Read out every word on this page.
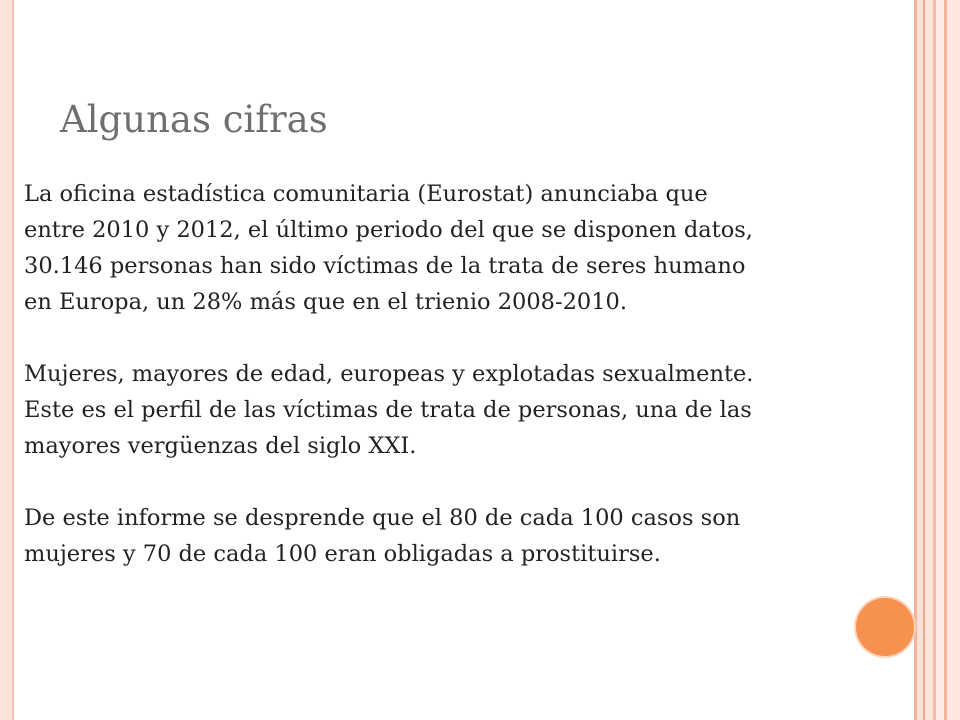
Algunas cifras

La oficina estadística comunitaria (Eurostat) anunciaba que
entre 2010 y 2012, el último periodo del que se disponen datos,
30.146 personas han sido víctimas de la trata de seres humano
en Europa, un 28% más que en el trienio 2008-2010.

Mujeres, mayores de edad, europeas y explotadas sexualmente.
Este es el perfil de las víctimas de trata de personas, una de las
mayores vergüenzas del siglo XXI.

De este informe se desprende que el 80 de cada 100 casos son
mujeres y 70 de cada 100 eran obligadas a prostituirse.
